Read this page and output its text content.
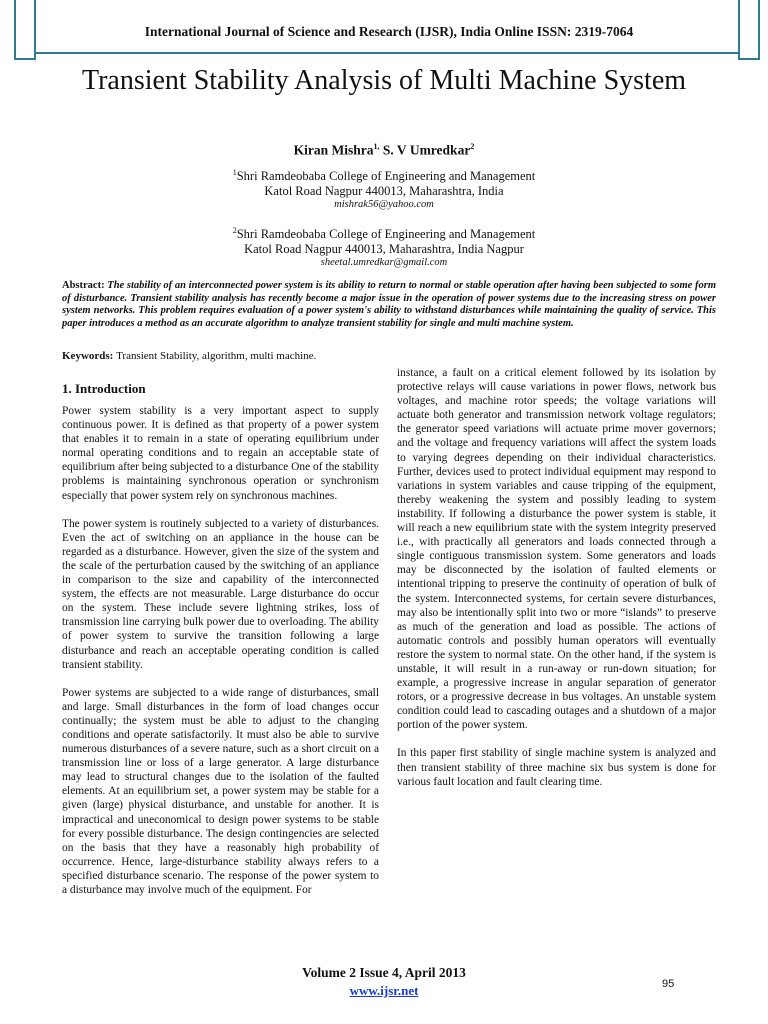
International Journal of Science and Research (IJSR), India Online ISSN: 2319-7064
Transient Stability Analysis of Multi Machine System
Kiran Mishra$^{1,}$ S. V Umredkar$^2$
$^1$Shri Ramdeobaba College of Engineering and Management
Katol Road Nagpur 440013, Maharashtra, India
mishrak56@yahoo.com
$^2$Shri Ramdeobaba College of Engineering and Management
Katol Road Nagpur 440013, Maharashtra, India Nagpur
sheetal.umredkar@gmail.com
Abstract: The stability of an interconnected power system is its ability to return to normal or stable operation after having been subjected to some form of disturbance. Transient stability analysis has recently become a major issue in the operation of power systems due to the increasing stress on power system networks. This problem requires evaluation of a power system's ability to withstand disturbances while maintaining the quality of service. This paper introduces a method as an accurate algorithm to analyze transient stability for single and multi machine system.
Keywords: Transient Stability, algorithm, multi machine.
1. Introduction

Power system stability is a very important aspect to supply continuous power. It is defined as that property of a power system that enables it to remain in a state of operating equilibrium under normal operating conditions and to regain an acceptable state of equilibrium after being subjected to a disturbance One of the stability problems is maintaining synchronous operation or synchronism especially that power system rely on synchronous machines.

The power system is routinely subjected to a variety of disturbances. Even the act of switching on an appliance in the house can be regarded as a disturbance. However, given the size of the system and the scale of the perturbation caused by the switching of an appliance in comparison to the size and capability of the interconnected system, the effects are not measurable. Large disturbance do occur on the system. These include severe lightning strikes, loss of transmission line carrying bulk power due to overloading. The ability of power system to survive the transition following a large disturbance and reach an acceptable operating condition is called transient stability.

Power systems are subjected to a wide range of disturbances, small and large. Small disturbances in the form of load changes occur continually; the system must be able to adjust to the changing conditions and operate satisfactorily. It must also be able to survive numerous disturbances of a severe nature, such as a short circuit on a transmission line or loss of a large generator. A large disturbance may lead to structural changes due to the isolation of the faulted elements. At an equilibrium set, a power system may be stable for a given (large) physical disturbance, and unstable for another. It is impractical and uneconomical to design power systems to be stable for every possible disturbance. The design contingencies are selected on the basis that they have a reasonably high probability of occurrence. Hence, large-disturbance stability always refers to a specified disturbance scenario. The response of the power system to a disturbance may involve much of the equipment. For

instance, a fault on a critical element followed by its isolation by protective relays will cause variations in power flows, network bus voltages, and machine rotor speeds; the voltage variations will actuate both generator and transmission network voltage regulators; the generator speed variations will actuate prime mover governors; and the voltage and frequency variations will affect the system loads to varying degrees depending on their individual characteristics. Further, devices used to protect individual equipment may respond to variations in system variables and cause tripping of the equipment, thereby weakening the system and possibly leading to system instability. If following a disturbance the power system is stable, it will reach a new equilibrium state with the system integrity preserved i.e., with practically all generators and loads connected through a single contiguous transmission system. Some generators and loads may be disconnected by the isolation of faulted elements or intentional tripping to preserve the continuity of operation of bulk of the system. Interconnected systems, for certain severe disturbances, may also be intentionally split into two or more “islands” to preserve as much of the generation and load as possible. The actions of automatic controls and possibly human operators will eventually restore the system to normal state. On the other hand, if the system is unstable, it will result in a run-away or run-down situation; for example, a progressive increase in angular separation of generator rotors, or a progressive decrease in bus voltages. An unstable system condition could lead to cascading outages and a shutdown of a major portion of the power system.

In this paper first stability of single machine system is analyzed and then transient stability of three machine six bus system is done for various fault location and fault clearing time.

Volume 2 Issue 4, April 2013
www.ijsr.net	95
